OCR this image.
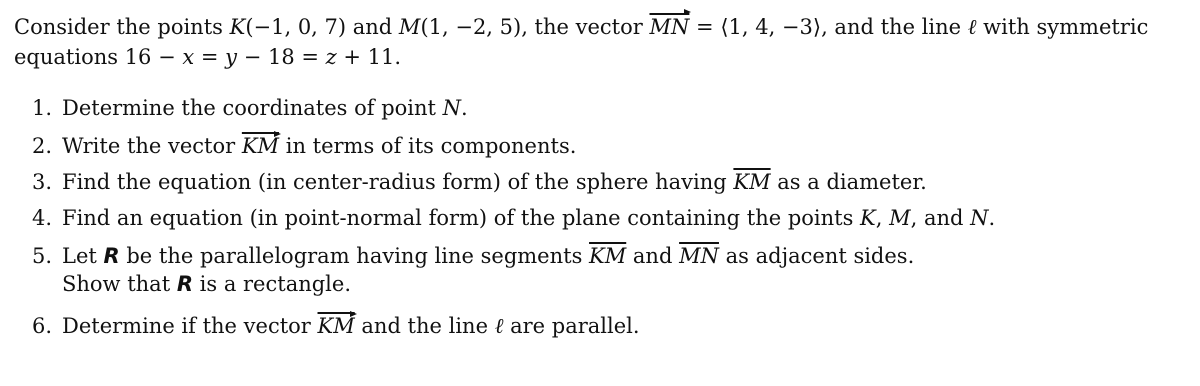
Consider the points K(−1, 0, 7) and M(1, −2, 5), the vector $\overline{MN}$ = ⟨1, 4, −3⟩, and the line ℓ with symmetric
equations 16 − x = y − 18 = z + 11.
1. Determine the coordinates of point N.
2. Write the vector $\overline{KM}$ in terms of its components.
3. Find the equation (in center-radius form) of the sphere having $\overline{KM}$ as a diameter.
4. Find an equation (in point-normal form) of the plane containing the points K, M, and N.
5. Let R be the parallelogram having line segments $\overline{KM}$ and $\overline{MN}$ as adjacent sides.
Show that R is a rectangle.
6. Determine if the vector $\overline{KM}$ and the line ℓ are parallel.
